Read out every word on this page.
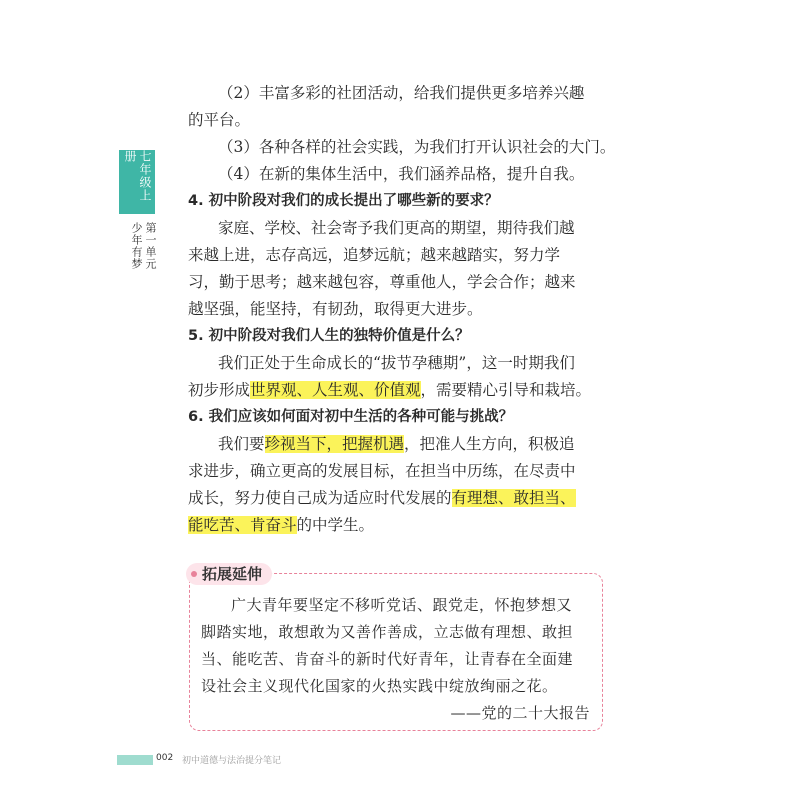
七年级上册
第一单元
少年有梦
（2）丰富多彩的社团活动，给我们提供更多培养兴趣
的平台。
（3）各种各样的社会实践，为我们打开认识社会的大门。
（4）在新的集体生活中，我们涵养品格，提升自我。
4. 初中阶段对我们的成长提出了哪些新的要求？
家庭、学校、社会寄予我们更高的期望，期待我们越
来越上进，志存高远，追梦远航；越来越踏实，努力学
习，勤于思考；越来越包容，尊重他人，学会合作；越来
越坚强，能坚持，有韧劲，取得更大进步。
5. 初中阶段对我们人生的独特价值是什么？
我们正处于生命成长的“拔节孕穗期”，这一时期我们
初步形成世界观、人生观、价值观，需要精心引导和栽培。
6. 我们应该如何面对初中生活的各种可能与挑战？
我们要珍视当下，把握机遇，把准人生方向，积极追
求进步，确立更高的发展目标，在担当中历练，在尽责中
成长，努力使自己成为适应时代发展的有理想、敢担当、
能吃苦、肯奋斗的中学生。
拓展延伸
广大青年要坚定不移听党话、跟党走，怀抱梦想又
脚踏实地，敢想敢为又善作善成，立志做有理想、敢担
当、能吃苦、肯奋斗的新时代好青年，让青春在全面建
设社会主义现代化国家的火热实践中绽放绚丽之花。
——党的二十大报告
002 初中道德与法治提分笔记
